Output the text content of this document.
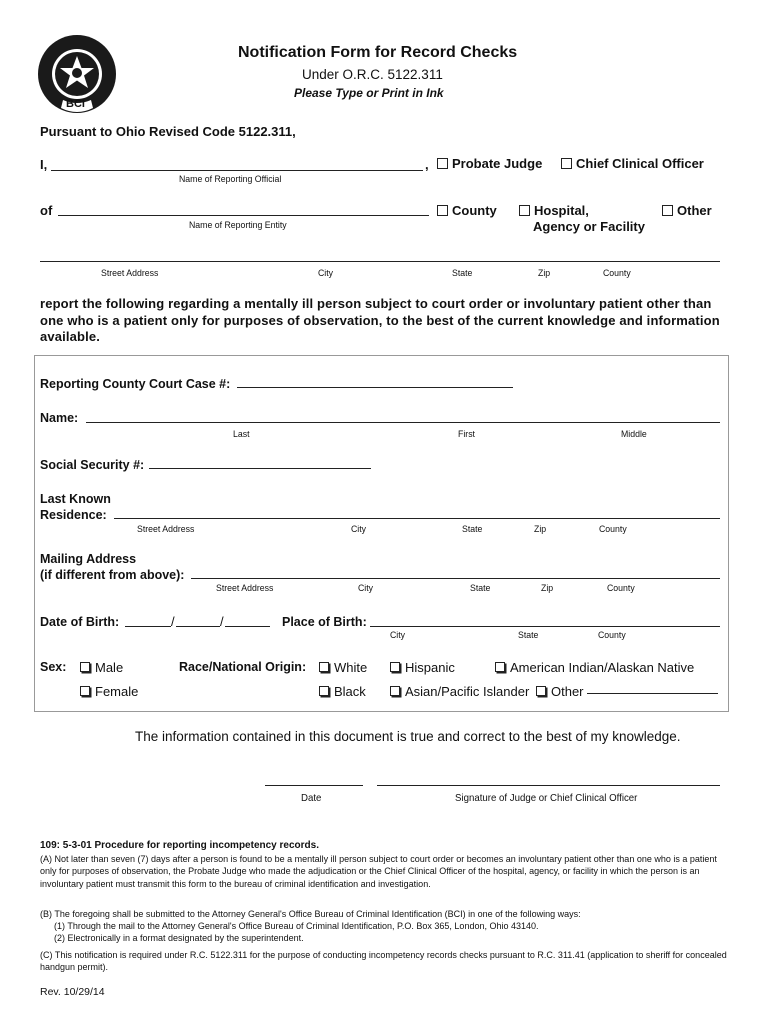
BCI
Notification Form for Record Checks
Under O.R.C. 5122.311
Please Type or Print in Ink
Pursuant to Ohio Revised Code 5122.311,
I,	,
Name of Reporting Official
Probate Judge	Chief Clinical Officer
of
Name of Reporting Entity
County	Hospital,
Agency or Facility
Other
Street Address	City	State	Zip	County
report the following regarding a mentally ill person subject to court order or involuntary patient other than one who is a patient only for purposes of observation, to the best of the current knowledge and information available.
Reporting County Court Case #:
Name:
Last	First	Middle
Social Security #:
Last Known
Residence:
Street Address	City	State	Zip	County
Mailing Address
(if different from above):
Street Address	City	State	Zip	County
Date of Birth:	/	/	Place of Birth:
City	State	County
Sex:	Male
Female
Race/National Origin:	White
Black
Hispanic
Asian/Pacific Islander
American Indian/Alaskan Native
Other
The information contained in this document is true and correct to the best of my knowledge.
Date	Signature of Judge or Chief Clinical Officer
109: 5-3-01 Procedure for reporting incompetency records.
(A) Not later than seven (7) days after a person is found to be a mentally ill person subject to court order or becomes an involuntary patient other than one who is a patient only for purposes of observation, the Probate Judge who made the adjudication or the Chief Clinical Officer of the hospital, agency, or facility in which the person is an involuntary patient must transmit this form to the bureau of criminal identification and investigation.
(B) The foregoing shall be submitted to the Attorney General's Office Bureau of Criminal Identification (BCI) in one of the following ways:
(1) Through the mail to the Attorney General's Office Bureau of Criminal Identification, P.O. Box 365, London, Ohio 43140.
(2) Electronically in a format designated by the superintendent.
(C) This notification is required under R.C. 5122.311 for the purpose of conducting incompetency records checks pursuant to R.C. 311.41 (application to sheriff for concealed handgun permit).
Rev. 10/29/14
